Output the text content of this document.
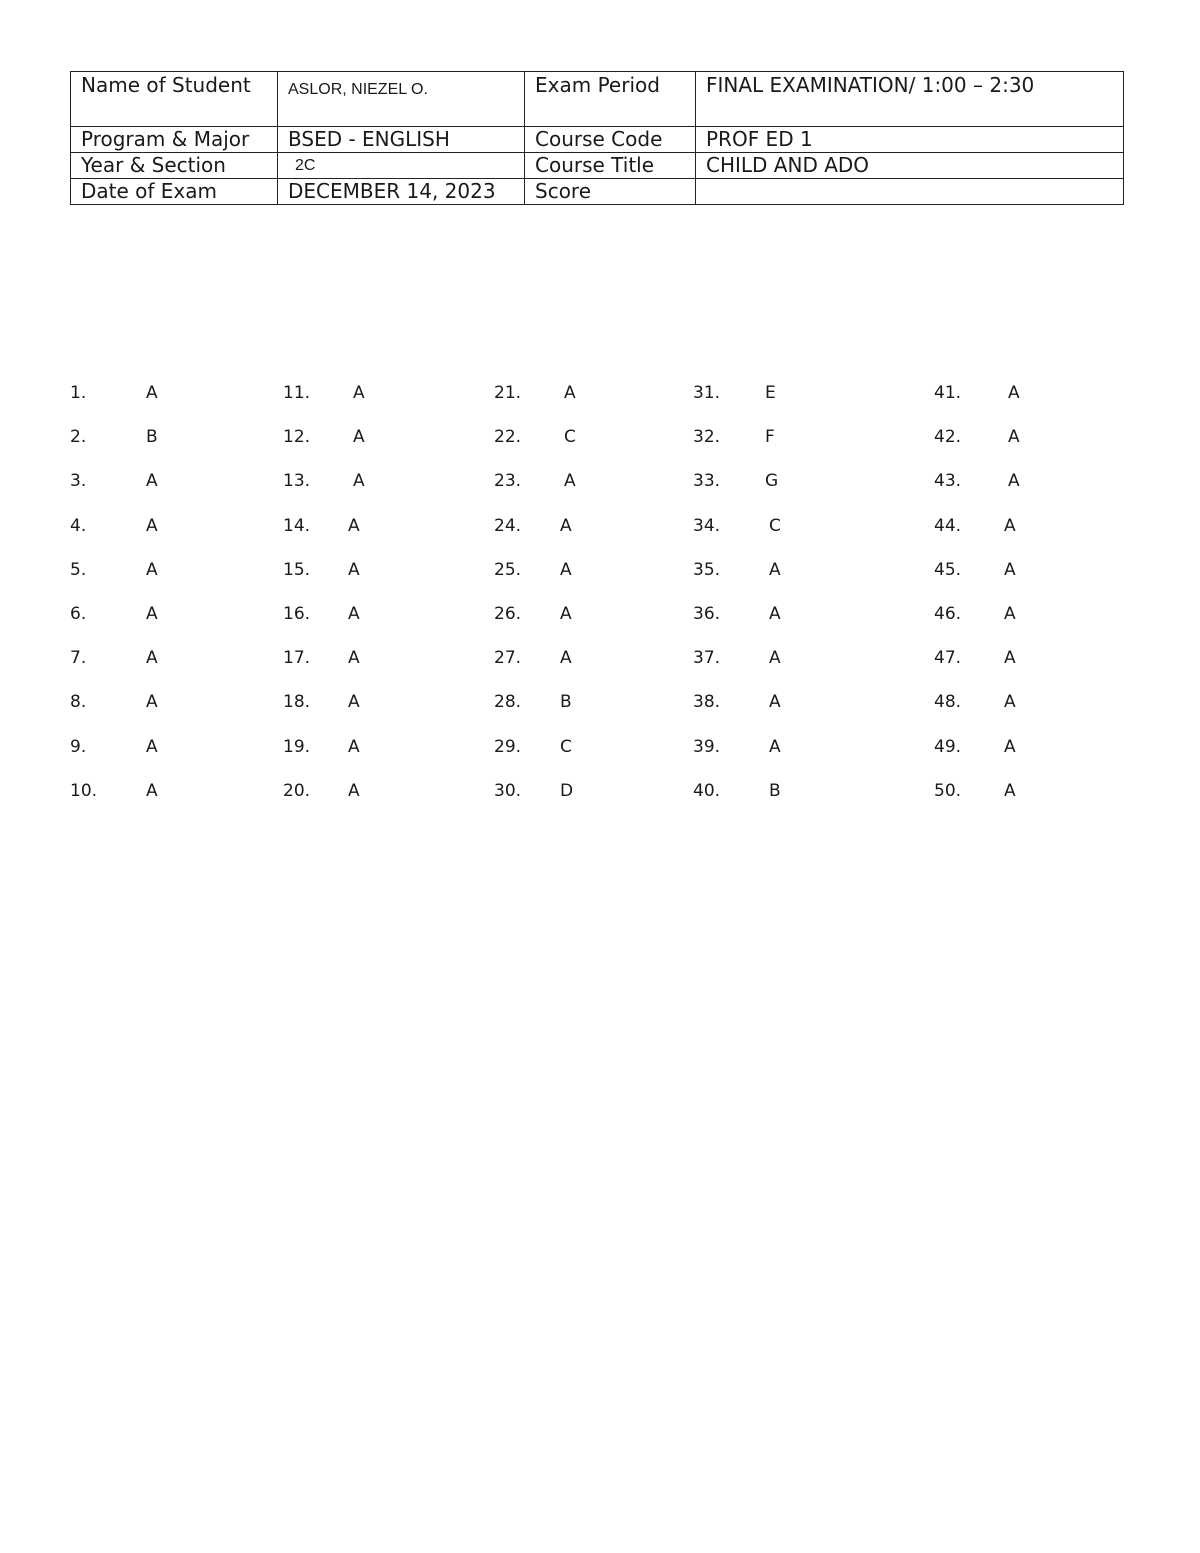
Name of Student	ASLOR, NIEZEL O.	Exam Period	FINAL EXAMINATION/ 1:00 – 2:30
Program & Major	BSED - ENGLISH	Course Code	PROF ED 1
Year & Section	2C	Course Title	CHILD AND ADO
Date of Exam	DECEMBER 14, 2023	Score	
1.	A
2.	B
3.	A
4.	A
5.	A
6.	A
7.	A
8.	A
9.	A
10.	A
11.	A
12.	A
13.	A
14. A
15. A
16. A
17. A
18. A
19. A
20. A
21.	A
22.	C
23.	A
24. A
25. A
26. A
27. A
28. B
29. C
30. D
31.	E
32.	F
33.	G
34.	C
35.	A
36.	A
37.	A
38.	A
39.	A
40.	B
41.	A
42.	A
43.	A
44.	A
45.	A
46.	A
47.	A
48.	A
49.	A
50.	A
